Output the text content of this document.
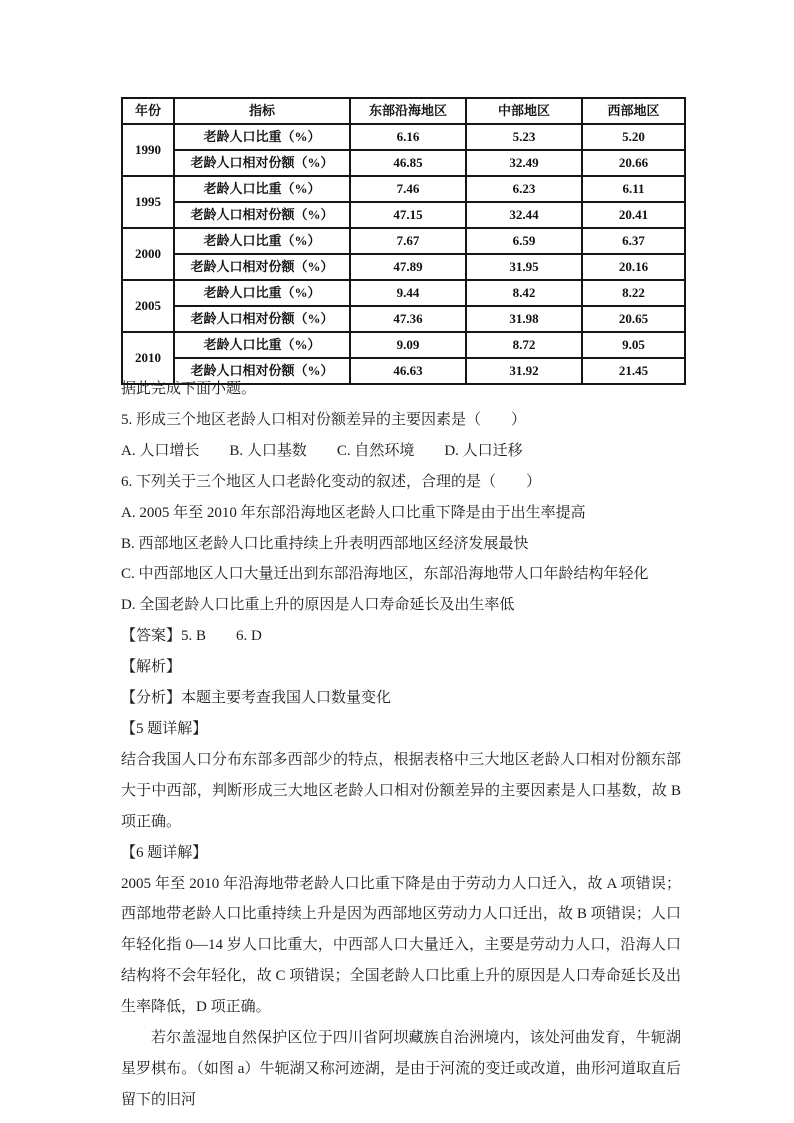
年份	指标	东部沿海地区	中部地区	西部地区
1990	老龄人口比重（%）	6.16	5.23	5.20
	老龄人口相对份额（%）	46.85	32.49	20.66
1995	老龄人口比重（%）	7.46	6.23	6.11
	老龄人口相对份额（%）	47.15	32.44	20.41
2000	老龄人口比重（%）	7.67	6.59	6.37
	老龄人口相对份额（%）	47.89	31.95	20.16
2005	老龄人口比重（%）	9.44	8.42	8.22
	老龄人口相对份额（%）	47.36	31.98	20.65
2010	老龄人口比重（%）	9.09	8.72	9.05
	老龄人口相对份额（%）	46.63	31.92	21.45

据此完成下面小题。

5. 形成三个地区老龄人口相对份额差异的主要因素是（　　）

A. 人口增长　　B. 人口基数　　C. 自然环境　　D. 人口迁移

6. 下列关于三个地区人口老龄化变动的叙述，合理的是（　　）

A. 2005 年至 2010 年东部沿海地区老龄人口比重下降是由于出生率提高

B. 西部地区老龄人口比重持续上升表明西部地区经济发展最快

C. 中西部地区人口大量迁出到东部沿海地区，东部沿海地带人口年龄结构年轻化

D. 全国老龄人口比重上升的原因是人口寿命延长及出生率低

【答案】5. B　　6. D

【解析】

【分析】本题主要考查我国人口数量变化

【5 题详解】

结合我国人口分布东部多西部少的特点，根据表格中三大地区老龄人口相对份额东部大于中西部，判断形成三大地区老龄人口相对份额差异的主要因素是人口基数，故 B 项正确。

【6 题详解】

2005 年至 2010 年沿海地带老龄人口比重下降是由于劳动力人口迁入，故 A 项错误；西部地带老龄人口比重持续上升是因为西部地区劳动力人口迁出，故 B 项错误；人口年轻化指 0—14 岁人口比重大，中西部人口大量迁入，主要是劳动力人口，沿海人口结构将不会年轻化，故 C 项错误；全国老龄人口比重上升的原因是人口寿命延长及出生率降低，D 项正确。

若尔盖湿地自然保护区位于四川省阿坝藏族自治洲境内，该处河曲发育，牛轭湖星罗棋布。（如图 a）牛轭湖又称河迹湖，是由于河流的变迁或改道，曲形河道取直后留下的旧河
